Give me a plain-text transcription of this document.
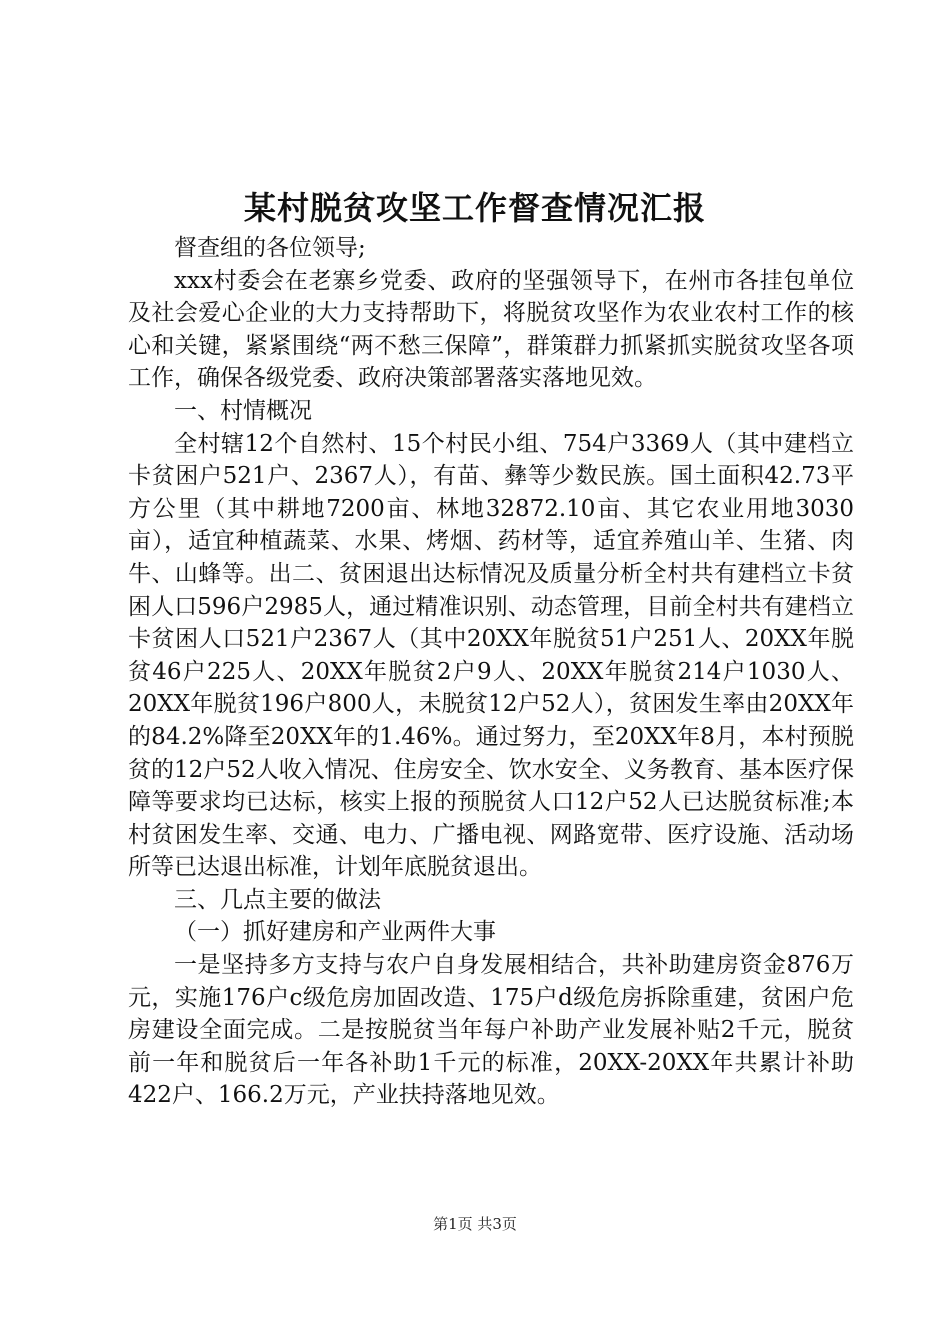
某村脱贫攻坚工作督查情况汇报

督查组的各位领导;

xxx村委会在老寨乡党委、政府的坚强领导下，在州市各挂包单位及社会爱心企业的大力支持帮助下，将脱贫攻坚作为农业农村工作的核心和关键，紧紧围绕“两不愁三保障”，群策群力抓紧抓实脱贫攻坚各项工作，确保各级党委、政府决策部署落实落地见效。

一、村情概况

全村辖12个自然村、15个村民小组、754户3369人（其中建档立卡贫困户521户、2367人），有苗、彝等少数民族。国土面积42.73平方公里（其中耕地7200亩、林地32872.10亩、其它农业用地3030亩），适宜种植蔬菜、水果、烤烟、药材等，适宜养殖山羊、生猪、肉牛、山蜂等。出二、贫困退出达标情况及质量分析全村共有建档立卡贫困人口596户2985人，通过精准识别、动态管理，目前全村共有建档立卡贫困人口521户2367人（其中20XX年脱贫51户251人、20XX年脱贫46户225人、20XX年脱贫2户9人、20XX年脱贫214户1030人、20XX年脱贫196户800人，未脱贫12户52人），贫困发生率由20XX年的84.2%降至20XX年的1.46%。通过努力，至20XX年8月，本村预脱贫的12户52人收入情况、住房安全、饮水安全、义务教育、基本医疗保障等要求均已达标，核实上报的预脱贫人口12户52人已达脱贫标准;本村贫困发生率、交通、电力、广播电视、网路宽带、医疗设施、活动场所等已达退出标准，计划年底脱贫退出。

三、几点主要的做法

（一）抓好建房和产业两件大事

一是坚持多方支持与农户自身发展相结合，共补助建房资金876万元，实施176户c级危房加固改造、175户d级危房拆除重建，贫困户危房建设全面完成。二是按脱贫当年每户补助产业发展补贴2千元，脱贫前一年和脱贫后一年各补助1千元的标准，20XX-20XX年共累计补助422户、166.2万元，产业扶持落地见效。

第1页 共3页
